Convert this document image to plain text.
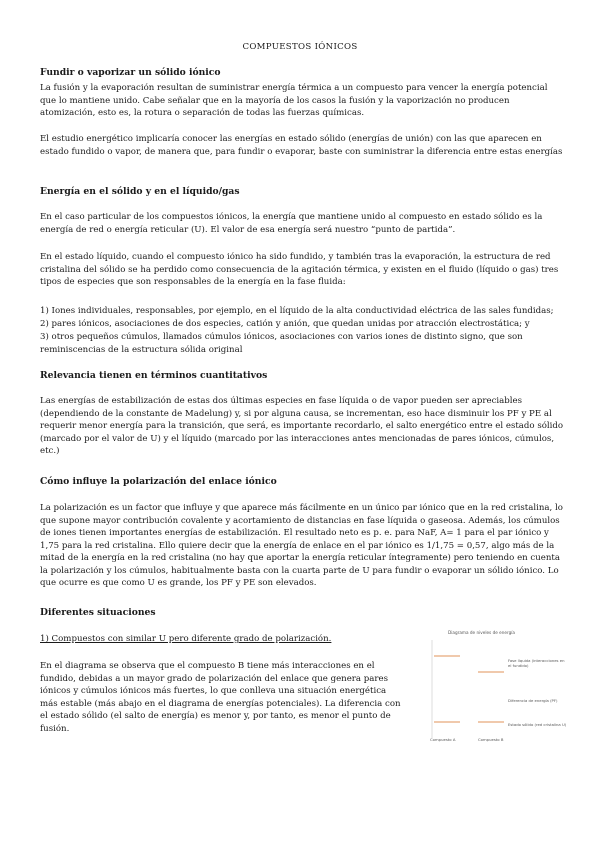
COMPUESTOS IÓNICOS

Fundir o vaporizar un sólido iónico

La fusión y la evaporación resultan de suministrar energía térmica a un compuesto para vencer la energía potencial que lo mantiene unido. Cabe señalar que en la mayoría de los casos la fusión y la vaporización no producen atomización, esto es, la rotura o separación de todas las fuerzas químicas.

El estudio energético implicaría conocer las energías en estado sólido (energías de unión) con las que aparecen en estado fundido o vapor, de manera que, para fundir o evaporar, baste con suministrar la diferencia entre estas energías

Energía en el sólido y en el líquido/gas

En el caso particular de los compuestos iónicos, la energía que mantiene unido al compuesto en estado sólido es la energía de red o energía reticular (U). El valor de esa energía será nuestro “punto de partida”.

En el estado líquido, cuando el compuesto iónico ha sido fundido, y también tras la evaporación, la estructura de red cristalina del sólido se ha perdido como consecuencia de la agitación térmica, y existen en el fluido (líquido o gas) tres tipos de especies que son responsables de la energía en la fase fluida:

1) Iones individuales, responsables, por ejemplo, en el líquido de la alta conductividad eléctrica de las sales fundidas;

2) pares iónicos, asociaciones de dos especies, catión y anión, que quedan unidas por atracción electrostática; y

3) otros pequeños cúmulos, llamados cúmulos iónicos, asociaciones con varios iones de distinto signo, que son reminiscencias de la estructura sólida original

Relevancia tienen en términos cuantitativos

Las energías de estabilización de estas dos últimas especies en fase líquida o de vapor pueden ser apreciables (dependiendo de la constante de Madelung) y, si por alguna causa, se incrementan, eso hace disminuir los PF y PE al requerir menor energía para la transición, que será, es importante recordarlo, el salto energético entre el estado sólido (marcado por el valor de U) y el líquido (marcado por las interacciones antes mencionadas de pares iónicos, cúmulos, etc.)

Cómo influye la polarización del enlace iónico

La polarización es un factor que influye y que aparece más fácilmente en un único par iónico que en la red cristalina, lo que supone mayor contribución covalente y acortamiento de distancias en fase líquida o gaseosa. Además, los cúmulos de iones tienen importantes energías de estabilización. El resultado neto es p. e. para NaF, A= 1 para el par iónico y 1,75 para la red cristalina. Ello quiere decir que la energía de enlace en el par iónico es 1/1,75 = 0,57, algo más de la mitad de la energía en la red cristalina (no hay que aportar la energía reticular íntegramente) pero teniendo en cuenta la polarización y los cúmulos, habitualmente basta con la cuarta parte de U para fundir o evaporar un sólido iónico. Lo que ocurre es que como U es grande, los PF y PE son elevados.

Diferentes situaciones

1) Compuestos con similar U pero diferente grado de polarización.

En el diagrama se observa que el compuesto B tiene más interacciones en el fundido, debidas a un mayor grado de polarización del enlace que genera pares iónicos y cúmulos iónicos más fuertes, lo que conlleva una situación energética más estable (más abajo en el diagrama de energías potenciales). La diferencia con el estado sólido (el salto de energía) es menor y, por tanto, es menor el punto de fusión.

Diagrama de niveles de energía
Fase líquida (interacciones en el fundido)
Diferencia de energía (PF)
Estado sólido (red cristalina U)
Compuesto A	Compuesto B
